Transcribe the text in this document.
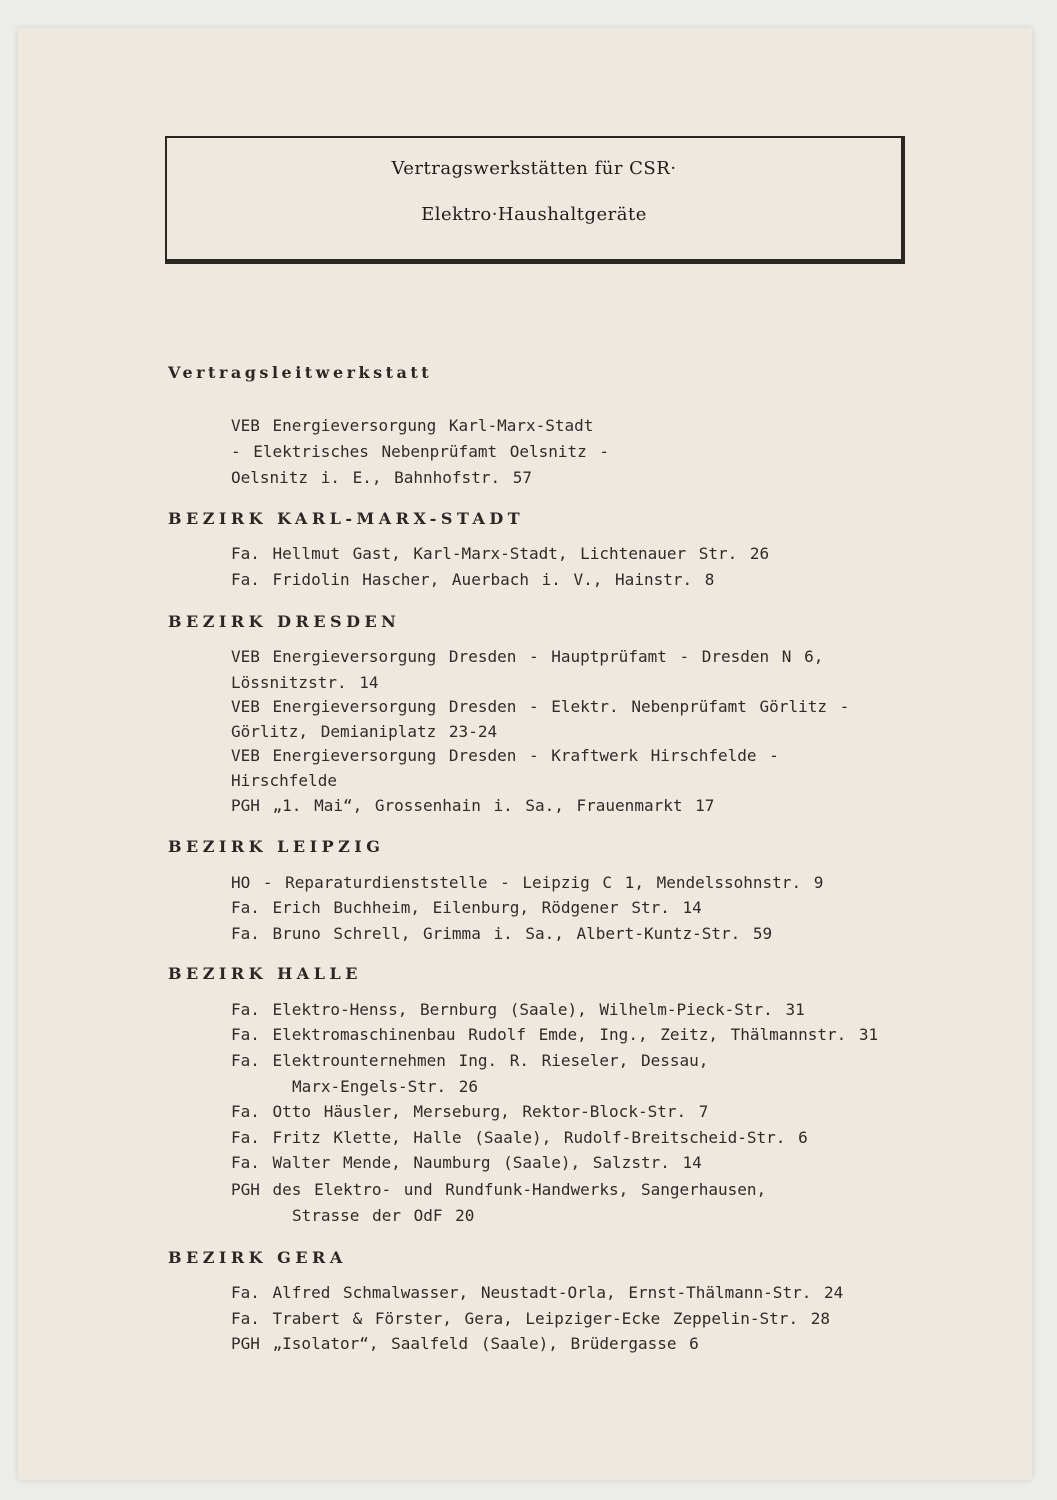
Vertragswerkstätten für CSR·
Elektro·Haushaltgeräte
Vertragsleitwerkstatt
VEB Energieversorgung Karl-Marx-Stadt
- Elektrisches Nebenprüfamt Oelsnitz -
Oelsnitz i. E., Bahnhofstr. 57
BEZIRK KARL-MARX-STADT
Fa. Hellmut Gast, Karl-Marx-Stadt, Lichtenauer Str. 26
Fa. Fridolin Hascher, Auerbach i. V., Hainstr. 8
BEZIRK DRESDEN
VEB Energieversorgung Dresden - Hauptprüfamt - Dresden N 6,
Lössnitzstr. 14
VEB Energieversorgung Dresden - Elektr. Nebenprüfamt Görlitz -
Görlitz, Demianiplatz 23-24
VEB Energieversorgung Dresden - Kraftwerk Hirschfelde -
Hirschfelde
PGH „1. Mai“, Grossenhain i. Sa., Frauenmarkt 17
BEZIRK LEIPZIG
HO - Reparaturdienststelle - Leipzig C 1, Mendelssohnstr. 9
Fa. Erich Buchheim, Eilenburg, Rödgener Str. 14
Fa. Bruno Schrell, Grimma i. Sa., Albert-Kuntz-Str. 59
BEZIRK HALLE
Fa. Elektro-Henss, Bernburg (Saale), Wilhelm-Pieck-Str. 31
Fa. Elektromaschinenbau Rudolf Emde, Ing., Zeitz, Thälmannstr. 31
Fa. Elektrounternehmen Ing. R. Rieseler, Dessau,
Marx-Engels-Str. 26
Fa. Otto Häusler, Merseburg, Rektor-Block-Str. 7
Fa. Fritz Klette, Halle (Saale), Rudolf-Breitscheid-Str. 6
Fa. Walter Mende, Naumburg (Saale), Salzstr. 14
PGH des Elektro- und Rundfunk-Handwerks, Sangerhausen,
Strasse der OdF 20
BEZIRK GERA
Fa. Alfred Schmalwasser, Neustadt-Orla, Ernst-Thälmann-Str. 24
Fa. Trabert & Förster, Gera, Leipziger-Ecke Zeppelin-Str. 28
PGH „Isolator“, Saalfeld (Saale), Brüdergasse 6
